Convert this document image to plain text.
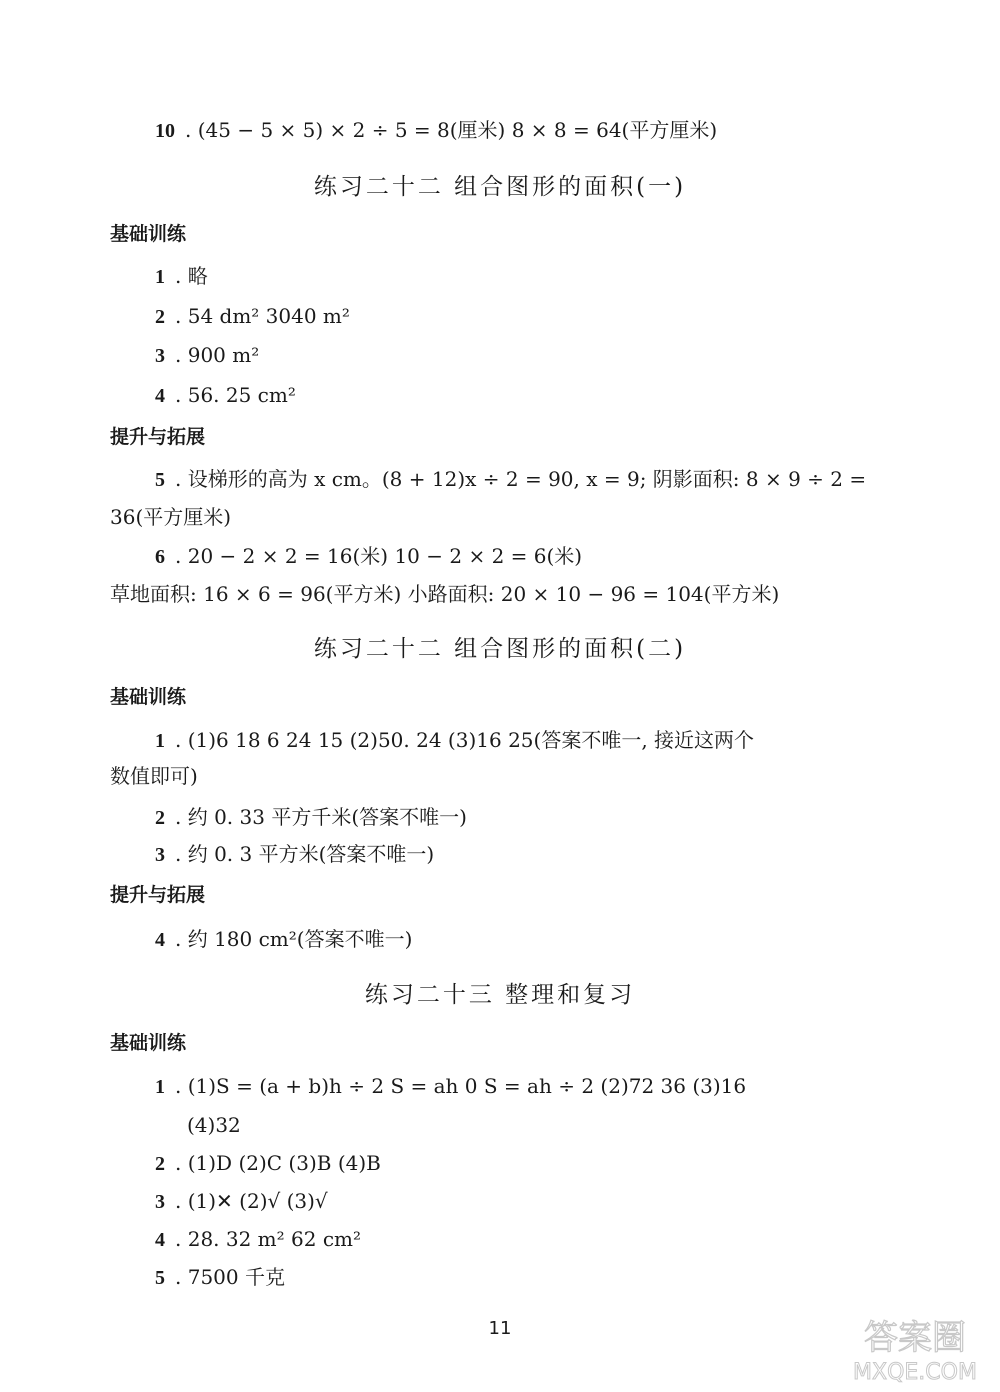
10 . (45 − 5 × 5) × 2 ÷ 5 = 8(厘米) 8 × 8 = 64(平方厘米)
练习二十二 组合图形的面积(一)
基础训练
1 . 略
2 . 54 dm² 3040 m²
3 . 900 m²
4 . 56. 25 cm²
提升与拓展
5 . 设梯形的高为 x cm。(8 + 12)x ÷ 2 = 90, x = 9; 阴影面积: 8 × 9 ÷ 2 =
36(平方厘米)
6 . 20 − 2 × 2 = 16(米) 10 − 2 × 2 = 6(米)
草地面积: 16 × 6 = 96(平方米) 小路面积: 20 × 10 − 96 = 104(平方米)
练习二十二 组合图形的面积(二)
基础训练
1 . (1)6 18 6 24 15 (2)50. 24 (3)16 25(答案不唯一, 接近这两个
数值即可)
2 . 约 0. 33 平方千米(答案不唯一)
3 . 约 0. 3 平方米(答案不唯一)
提升与拓展
4 . 约 180 cm²(答案不唯一)
练习二十三 整理和复习
基础训练
1 . (1)S = (a + b)h ÷ 2 S = ah 0 S = ah ÷ 2 (2)72 36 (3)16
(4)32
2 . (1)D (2)C (3)B (4)B
3 . (1)✕ (2)√ (3)√
4 . 28. 32 m² 62 cm²
5 . 7500 千克
11	答案圈
MXQE.COM
